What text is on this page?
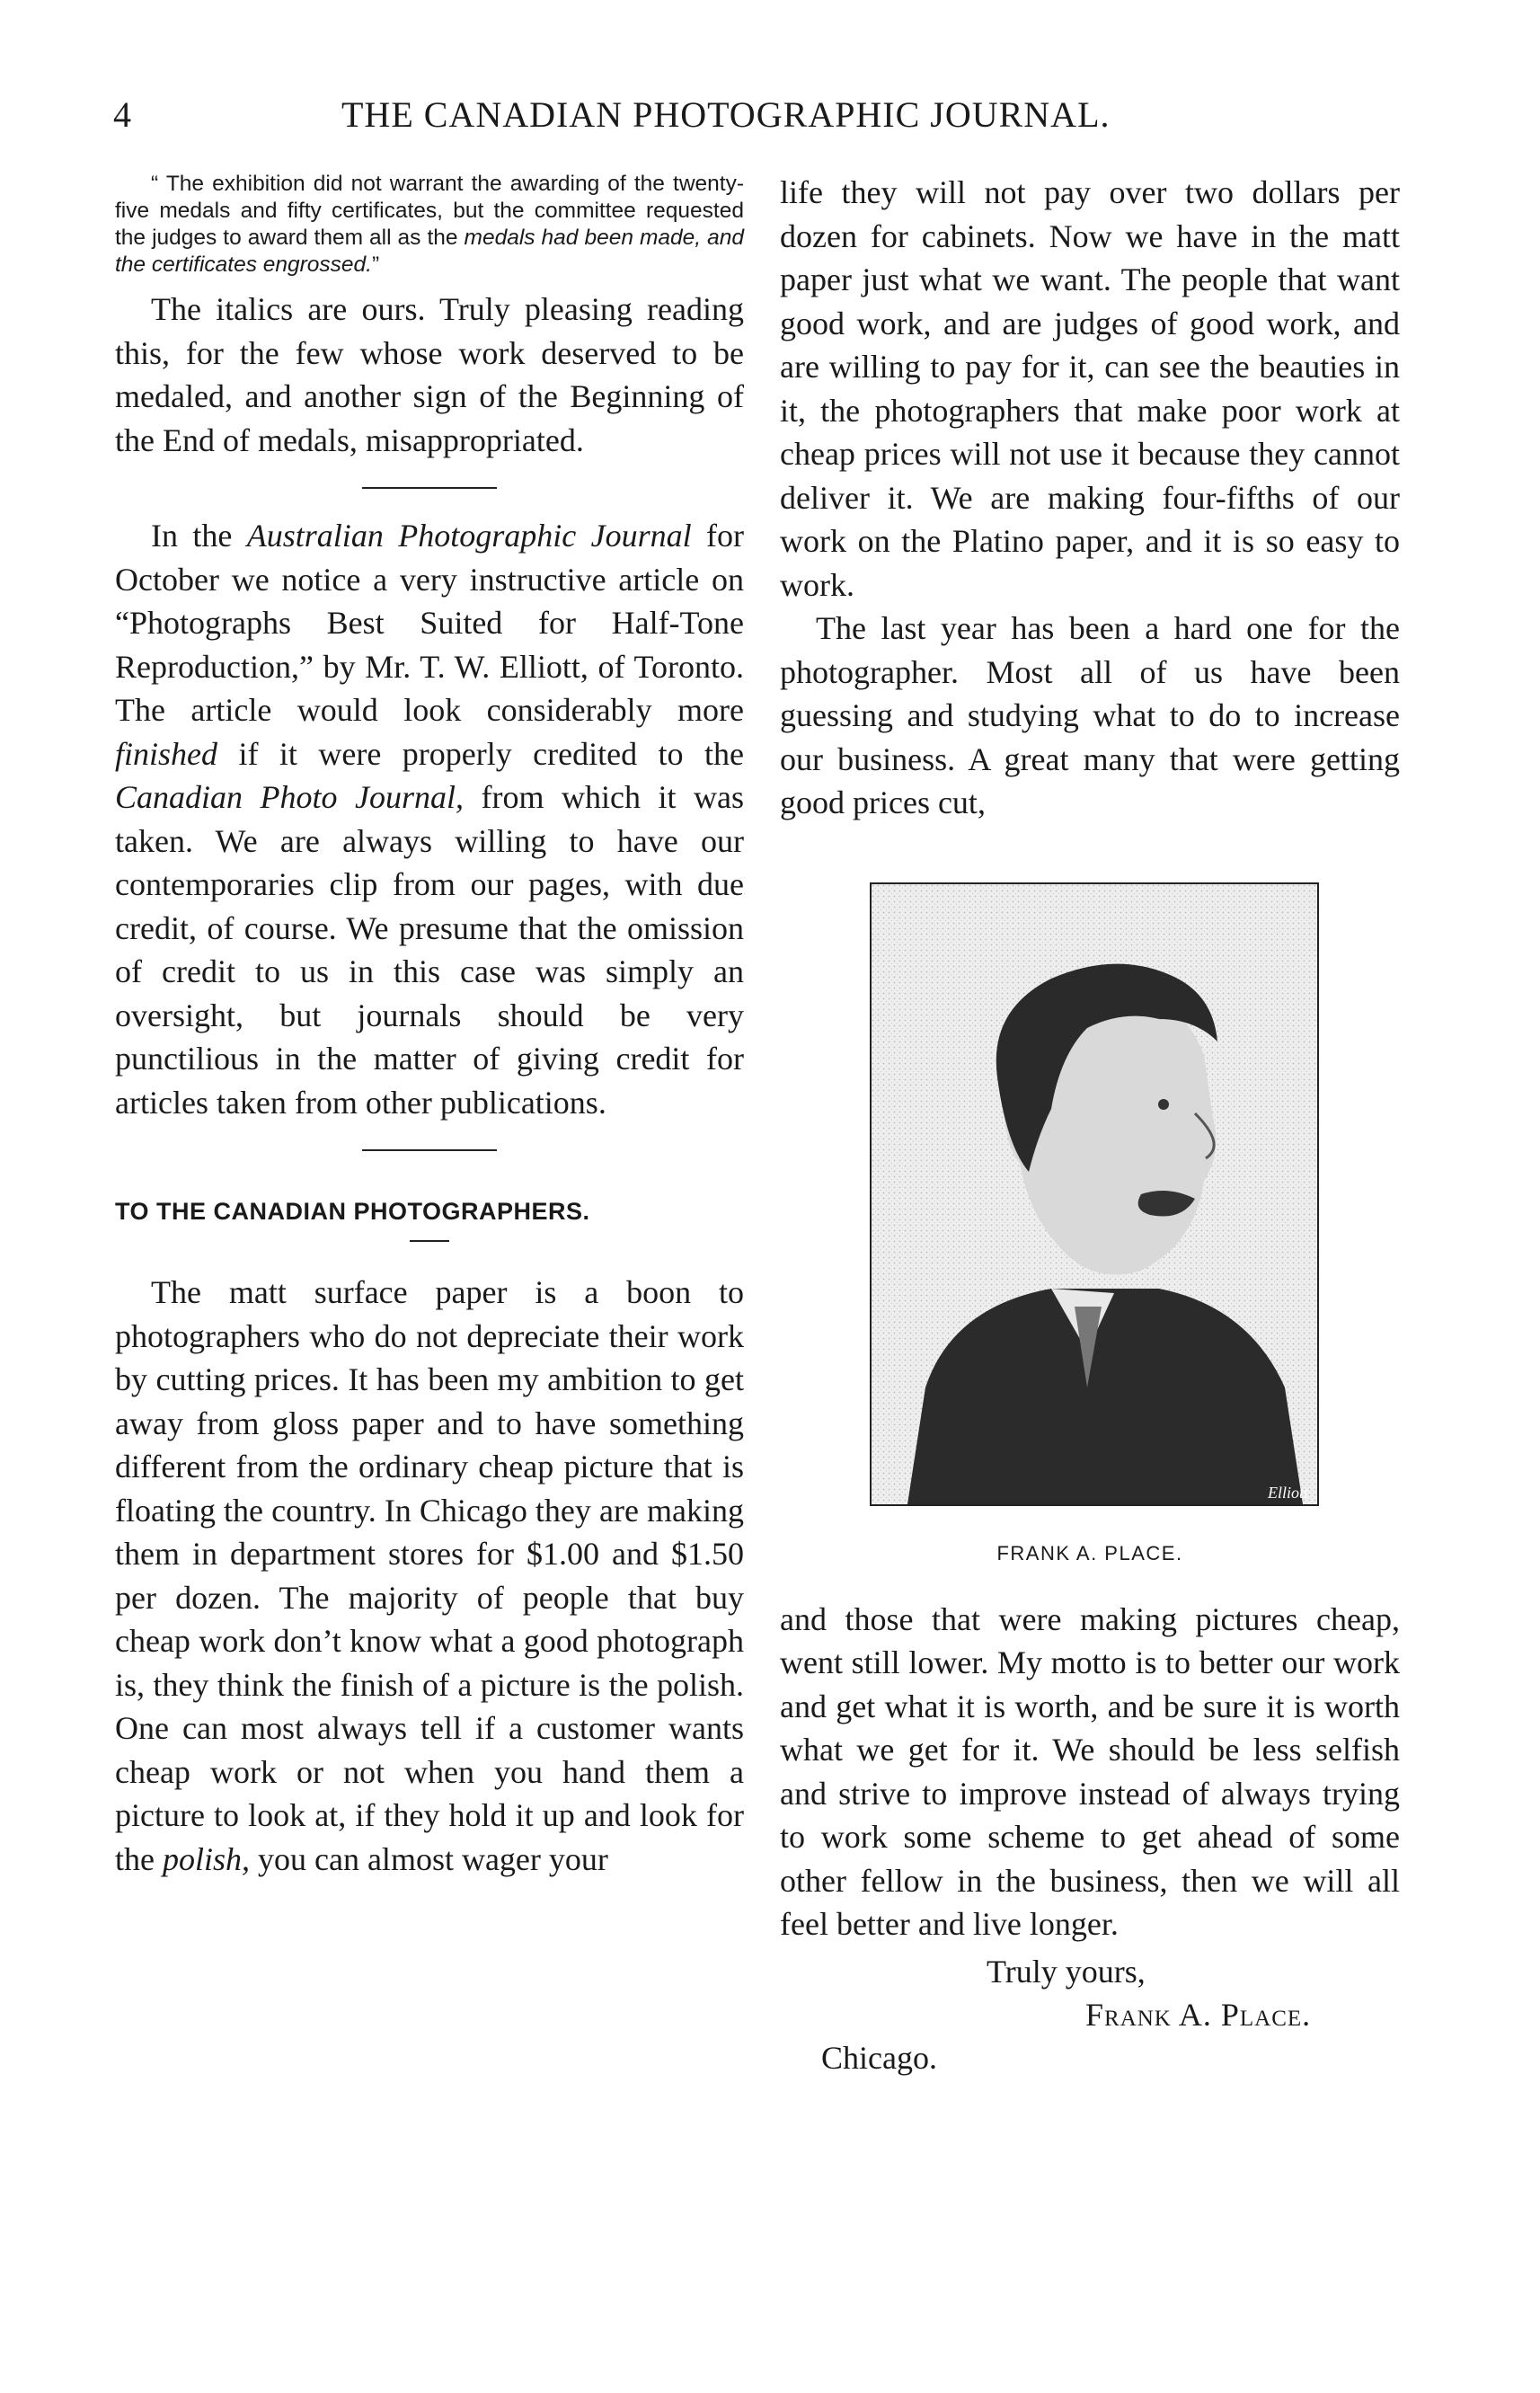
4	THE CANADIAN PHOTOGRAPHIC JOURNAL.

“ The exhibition did not warrant the awarding of the twenty-five medals and fifty certificates, but the committee requested the judges to award them all as the medals had been made, and the certificates engrossed.”

The italics are ours. Truly pleasing reading this, for the few whose work deserved to be medaled, and another sign of the Beginning of the End of medals, misappropriated.

In the Australian Photographic Journal for October we notice a very instructive article on “Photographs Best Suited for Half-Tone Reproduction,” by Mr. T. W. Elliott, of Toronto. The article would look considerably more finished if it were properly credited to the Canadian Photo Journal, from which it was taken. We are always willing to have our contemporaries clip from our pages, with due credit, of course. We presume that the omission of credit to us in this case was simply an oversight, but journals should be very punctilious in the matter of giving credit for articles taken from other publications.

TO THE CANADIAN PHOTOGRAPHERS.

The matt surface paper is a boon to photographers who do not depreciate their work by cutting prices. It has been my ambition to get away from gloss paper and to have something different from the ordinary cheap picture that is floating the country. In Chicago they are making them in department stores for $1.00 and $1.50 per dozen. The majority of people that buy cheap work don’t know what a good photograph is, they think the finish of a picture is the polish. One can most always tell if a customer wants cheap work or not when you hand them a picture to look at, if they hold it up and look for the polish, you can almost wager your

life they will not pay over two dollars per dozen for cabinets. Now we have in the matt paper just what we want. The people that want good work, and are judges of good work, and are willing to pay for it, can see the beauties in it, the photographers that make poor work at cheap prices will not use it because they cannot deliver it. We are making four-fifths of our work on the Platino paper, and it is so easy to work.

The last year has been a hard one for the photographer. Most all of us have been guessing and studying what to do to increase our business. A great many that were getting good prices cut,

Elliott
FRANK A. PLACE.

and those that were making pictures cheap, went still lower. My motto is to better our work and get what it is worth, and be sure it is worth what we get for it. We should be less selfish and strive to improve instead of always trying to work some scheme to get ahead of some other fellow in the business, then we will all feel better and live longer.

Truly yours,
Frank A. Place.
Chicago.
